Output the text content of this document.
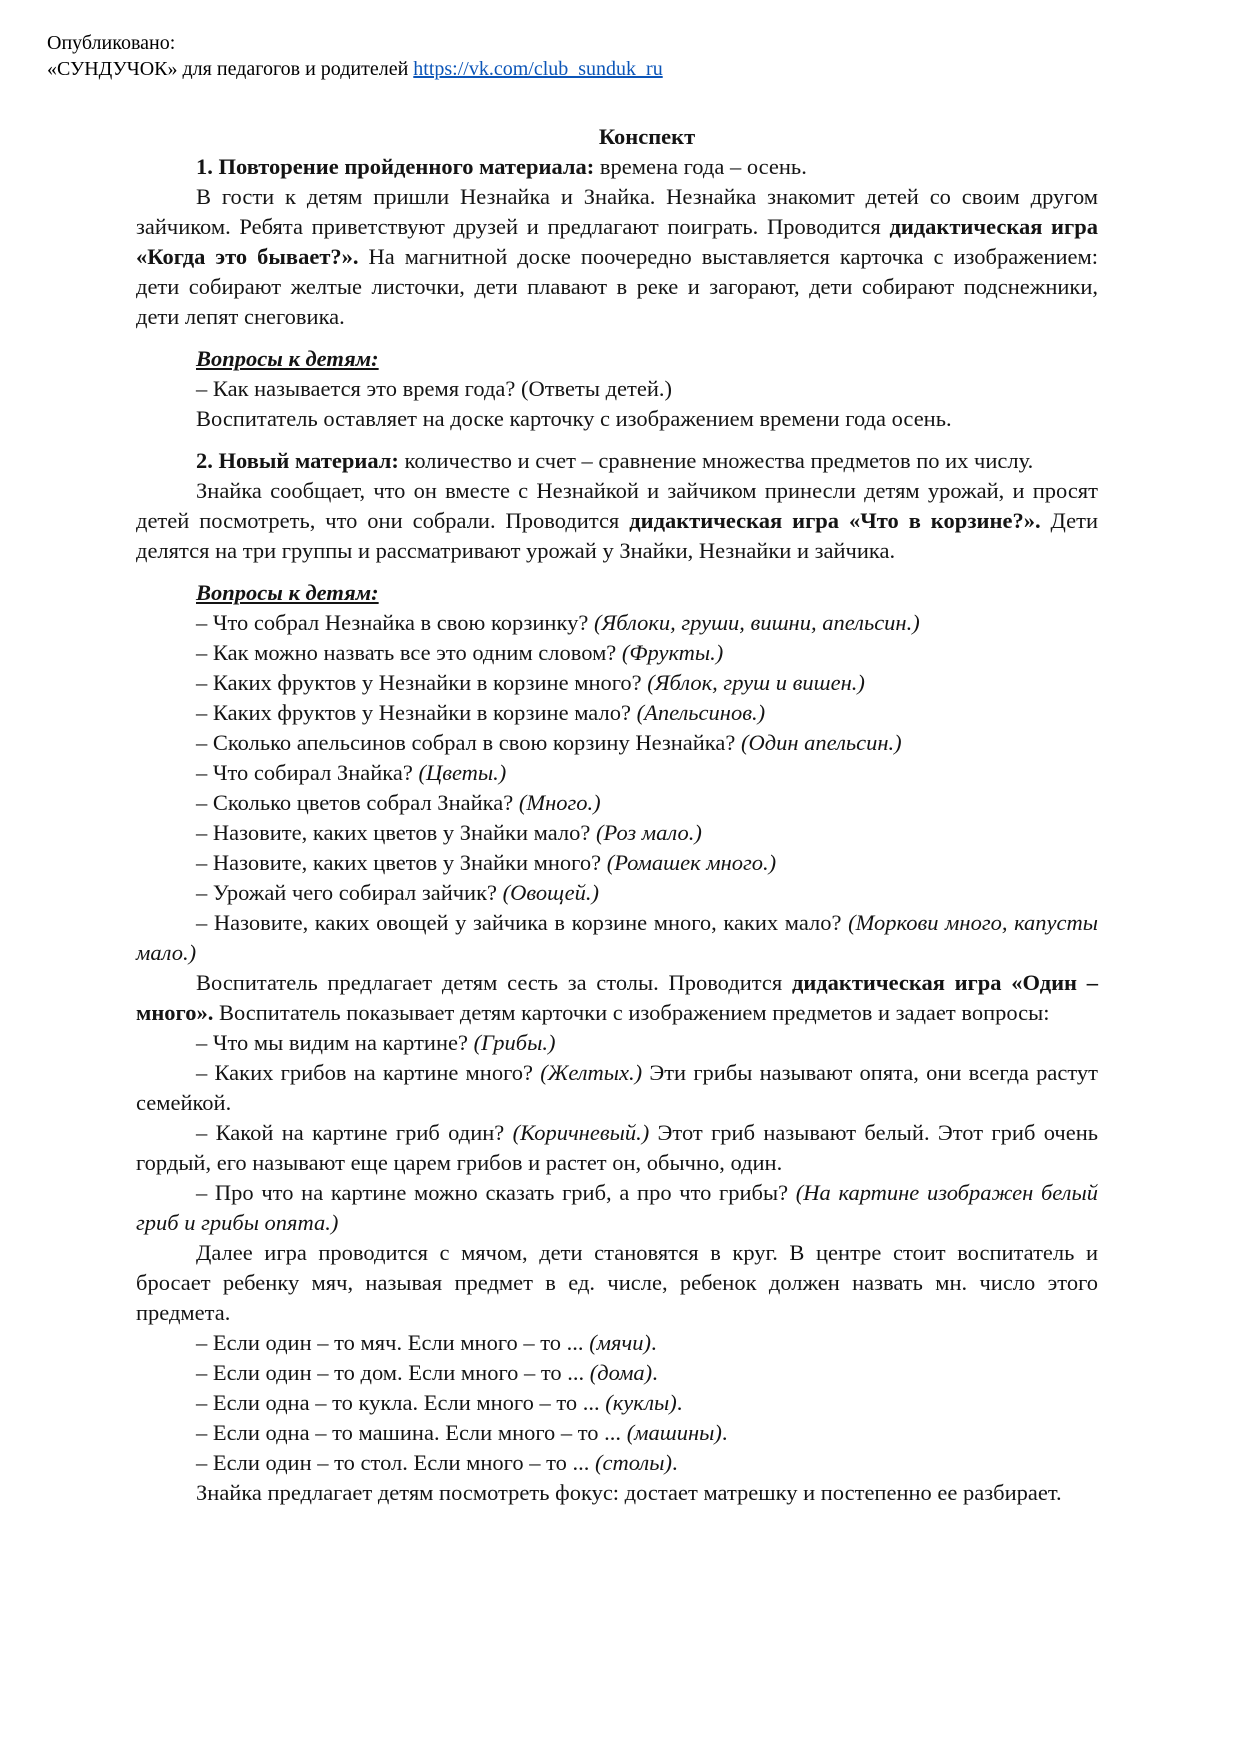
Опубликовано:
«СУНДУЧОК» для педагогов и родителей https://vk.com/club_sunduk_ru

Конспект

1. Повторение пройденного материала: времена года – осень.

В гости к детям пришли Незнайка и Знайка. Незнайка знакомит детей со своим другом зайчиком. Ребята приветствуют друзей и предлагают поиграть. Проводится дидактическая игра «Когда это бывает?». На магнитной доске поочередно выставляется карточка с изображением: дети собирают желтые листочки, дети плавают в реке и загорают, дети собирают подснежники, дети лепят снеговика.

Вопросы к детям:

– Как называется это время года? (Ответы детей.)

Воспитатель оставляет на доске карточку с изображением времени года осень.

2. Новый материал: количество и счет – сравнение множества предметов по их числу.

Знайка сообщает, что он вместе с Незнайкой и зайчиком принесли детям урожай, и просят детей посмотреть, что они собрали. Проводится дидактическая игра «Что в корзине?». Дети делятся на три группы и рассматривают урожай у Знайки, Незнайки и зайчика.

Вопросы к детям:

– Что собрал Незнайка в свою корзинку? (Яблоки, груши, вишни, апельсин.)

– Как можно назвать все это одним словом? (Фрукты.)

– Каких фруктов у Незнайки в корзине много? (Яблок, груш и вишен.)

– Каких фруктов у Незнайки в корзине мало? (Апельсинов.)

– Сколько апельсинов собрал в свою корзину Незнайка? (Один апельсин.)

– Что собирал Знайка? (Цветы.)

– Сколько цветов собрал Знайка? (Много.)

– Назовите, каких цветов у Знайки мало? (Роз мало.)

– Назовите, каких цветов у Знайки много? (Ромашек много.)

– Урожай чего собирал зайчик? (Овощей.)

– Назовите, каких овощей у зайчика в корзине много, каких мало? (Моркови много, капусты мало.)

Воспитатель предлагает детям сесть за столы. Проводится дидактическая игра «Один – много». Воспитатель показывает детям карточки с изображением предметов и задает вопросы:

– Что мы видим на картине? (Грибы.)

– Каких грибов на картине много? (Желтых.) Эти грибы называют опята, они всегда растут семейкой.

– Какой на картине гриб один? (Коричневый.) Этот гриб называют белый. Этот гриб очень гордый, его называют еще царем грибов и растет он, обычно, один.

– Про что на картине можно сказать гриб, а про что грибы? (На картине изображен белый гриб и грибы опята.)

Далее игра проводится с мячом, дети становятся в круг. В центре стоит воспитатель и бросает ребенку мяч, называя предмет в ед. числе, ребенок должен назвать мн. число этого предмета.

– Если один – то мяч. Если много – то ... (мячи).

– Если один – то дом. Если много – то ... (дома).

– Если одна – то кукла. Если много – то ... (куклы).

– Если одна – то машина. Если много – то ... (машины).

– Если один – то стол. Если много – то ... (столы).

Знайка предлагает детям посмотреть фокус: достает матрешку и постепенно ее разбирает.
